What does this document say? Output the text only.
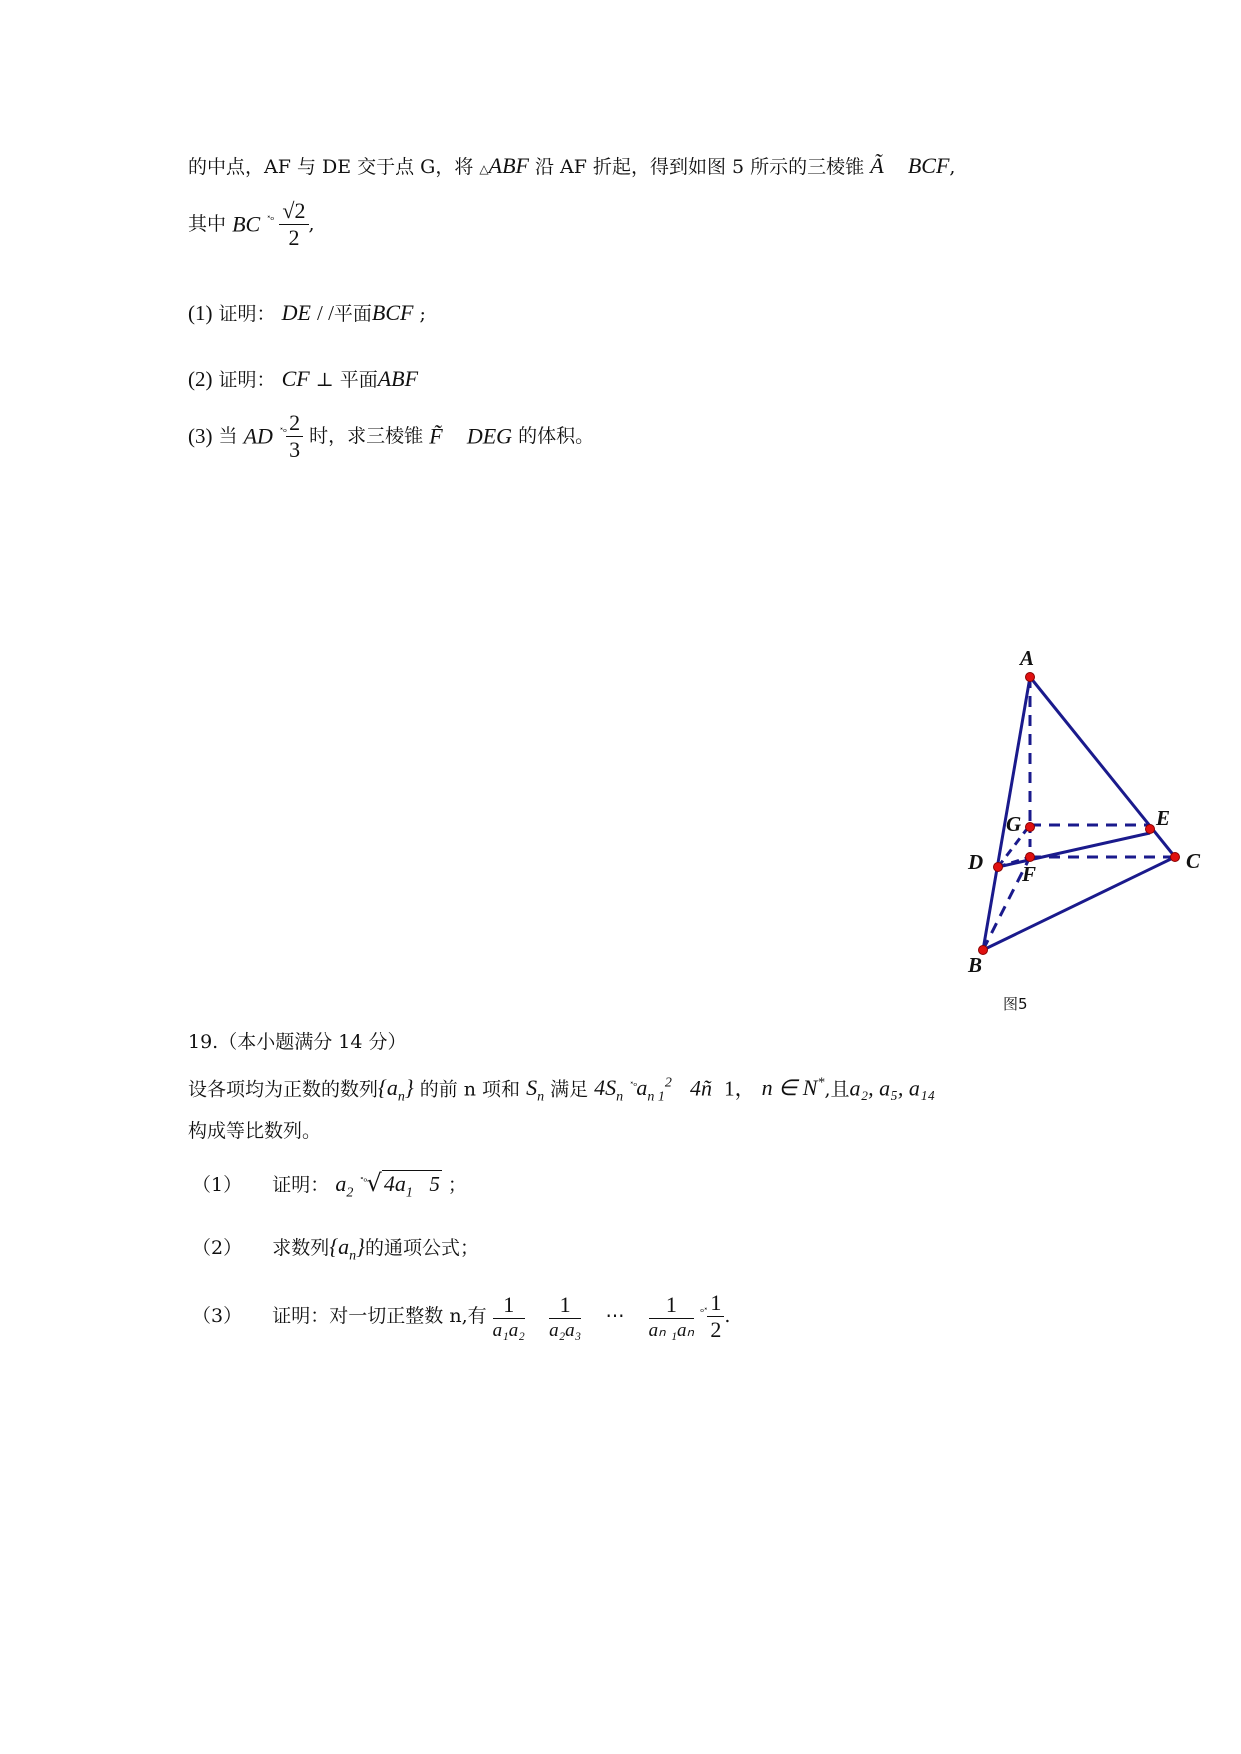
的中点，AF 与 DE 交于点 G，将 △ABF 沿 AF 折起，得到如图 5 所示的三棱锥 Ã BCF,
其中 BC $^{˟ᵒ} \frac{√2}{2}$ ,
(1) 证明： DE / /平面BCF ;
(2) 证明： CF ⊥ 平面ABF
(3) 当 AD $^{˟ᵒ} \frac{2}{3}$ 时，求三棱锥 F̃ DEG 的体积。
A
B
C
D
E
F
G
图5
19.（本小题满分 14 分）
设各项均为正数的数列$\{a_n\}$ 的前 n 项和 $S_n$ 满足 $4S_n$ $^{˟ᵒ}a_{n 1}^2$ 4ñ 1， n ∈ N*,且a₂, a₅, a₁₄
构成等比数列。
（1） 证明： $a_2$ $^{˟ᵒ}√4a_1$ 5 ；
（2） 求数列$\{a_n\}$的通项公式；
（3） 证明：对一切正整数 n,有 $\frac{1}{\text{a₁a₂}}$
$\frac{1}{\text{a₂a₃}}$ ⋯ $\frac{1}{\text{aₙ ₁aₙ}} ^{ᵒ˟} \frac{1}{2}$ .
